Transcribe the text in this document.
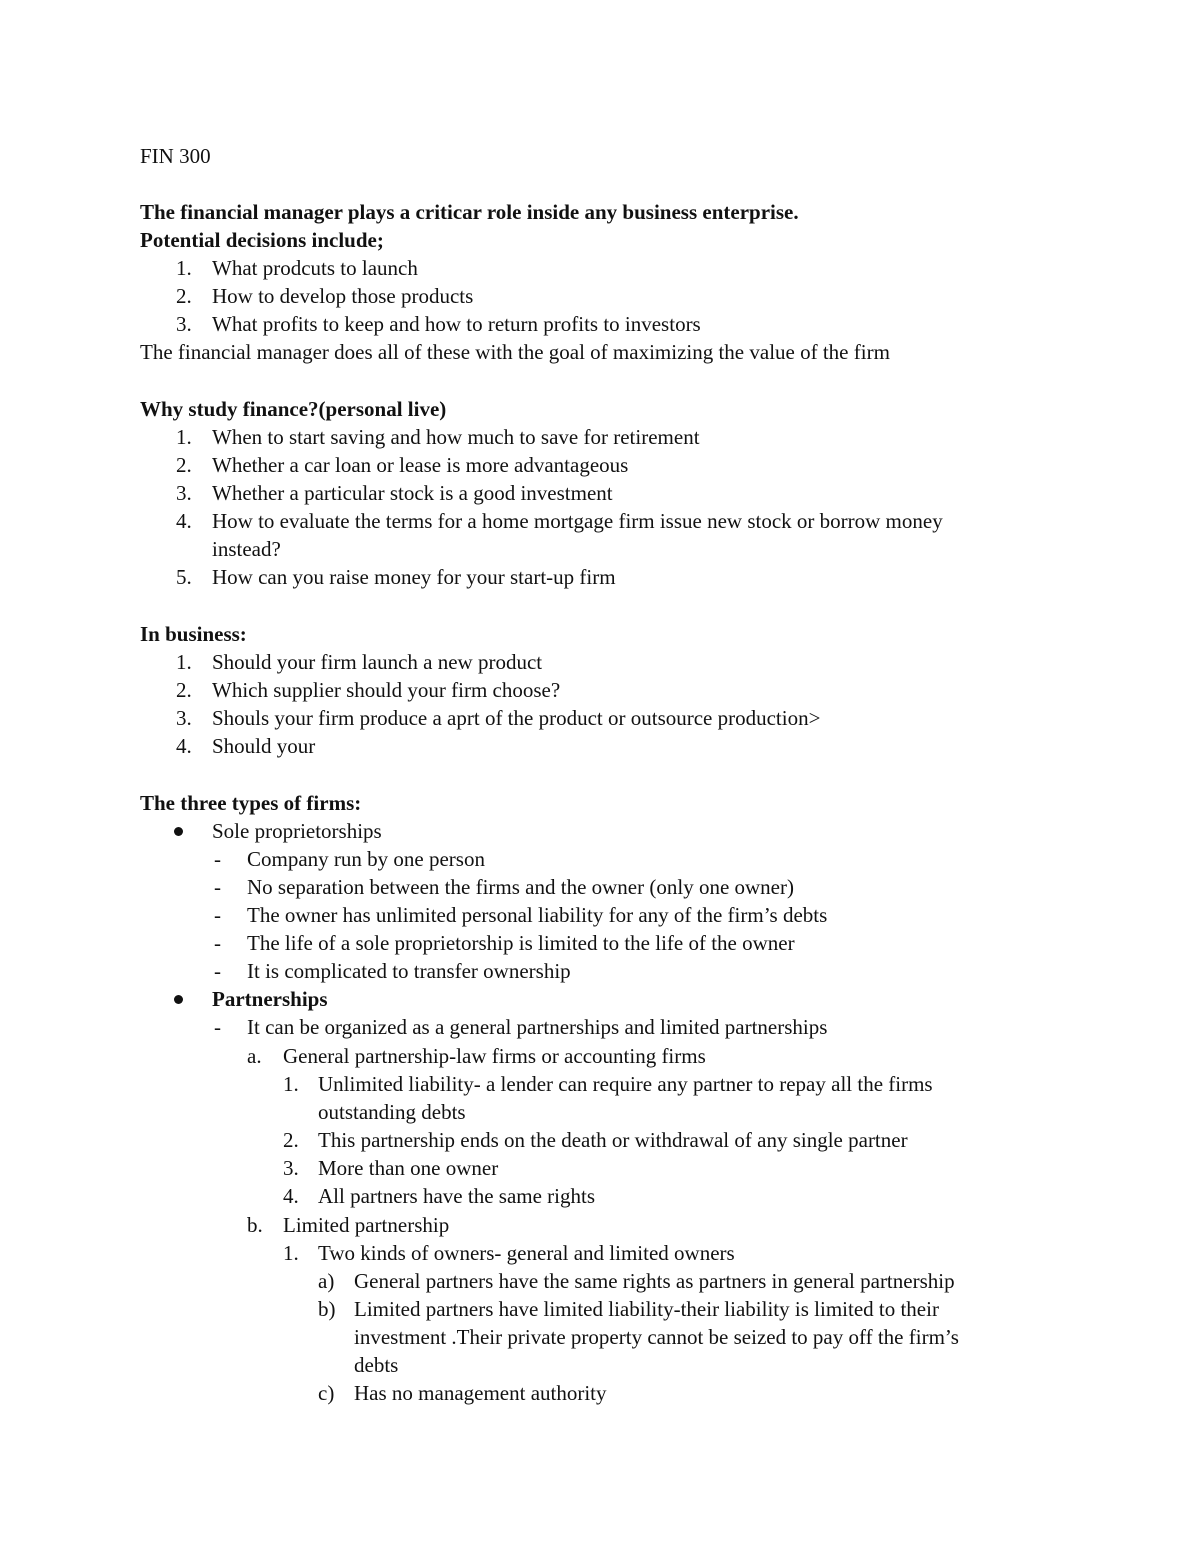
FIN 300
The financial manager plays a criticar role inside any business enterprise.
Potential decisions include;
1. What prodcuts to launch
2. How to develop those products
3. What profits to keep and how to return profits to investors
The financial manager does all of these with the goal of maximizing the value of the firm
Why study finance?(personal live)
1. When to start saving and how much to save for retirement
2. Whether a car loan or lease is more advantageous
3. Whether a particular stock is a good investment
4. How to evaluate the terms for a home mortgage firm issue new stock or borrow money
instead?
5. How can you raise money for your start-up firm
In business:
1. Should your firm launch a new product
2. Which supplier should your firm choose?
3. Shouls your firm produce a aprt of the product or outsource production>
4. Should your
The three types of firms:
Sole proprietorships
- Company run by one person
- No separation between the firms and the owner (only one owner)
- The owner has unlimited personal liability for any of the firm’s debts
- The life of a sole proprietorship is limited to the life of the owner
- It is complicated to transfer ownership
Partnerships
- It can be organized as a general partnerships and limited partnerships
a. General partnership-law firms or accounting firms
1. Unlimited liability- a lender can require any partner to repay all the firms
outstanding debts
2. This partnership ends on the death or withdrawal of any single partner
3. More than one owner
4. All partners have the same rights
b. Limited partnership
1. Two kinds of owners- general and limited owners
a) General partners have the same rights as partners in general partnership
b) Limited partners have limited liability-their liability is limited to their
investment .Their private property cannot be seized to pay off the firm’s
debts
c) Has no management authority
